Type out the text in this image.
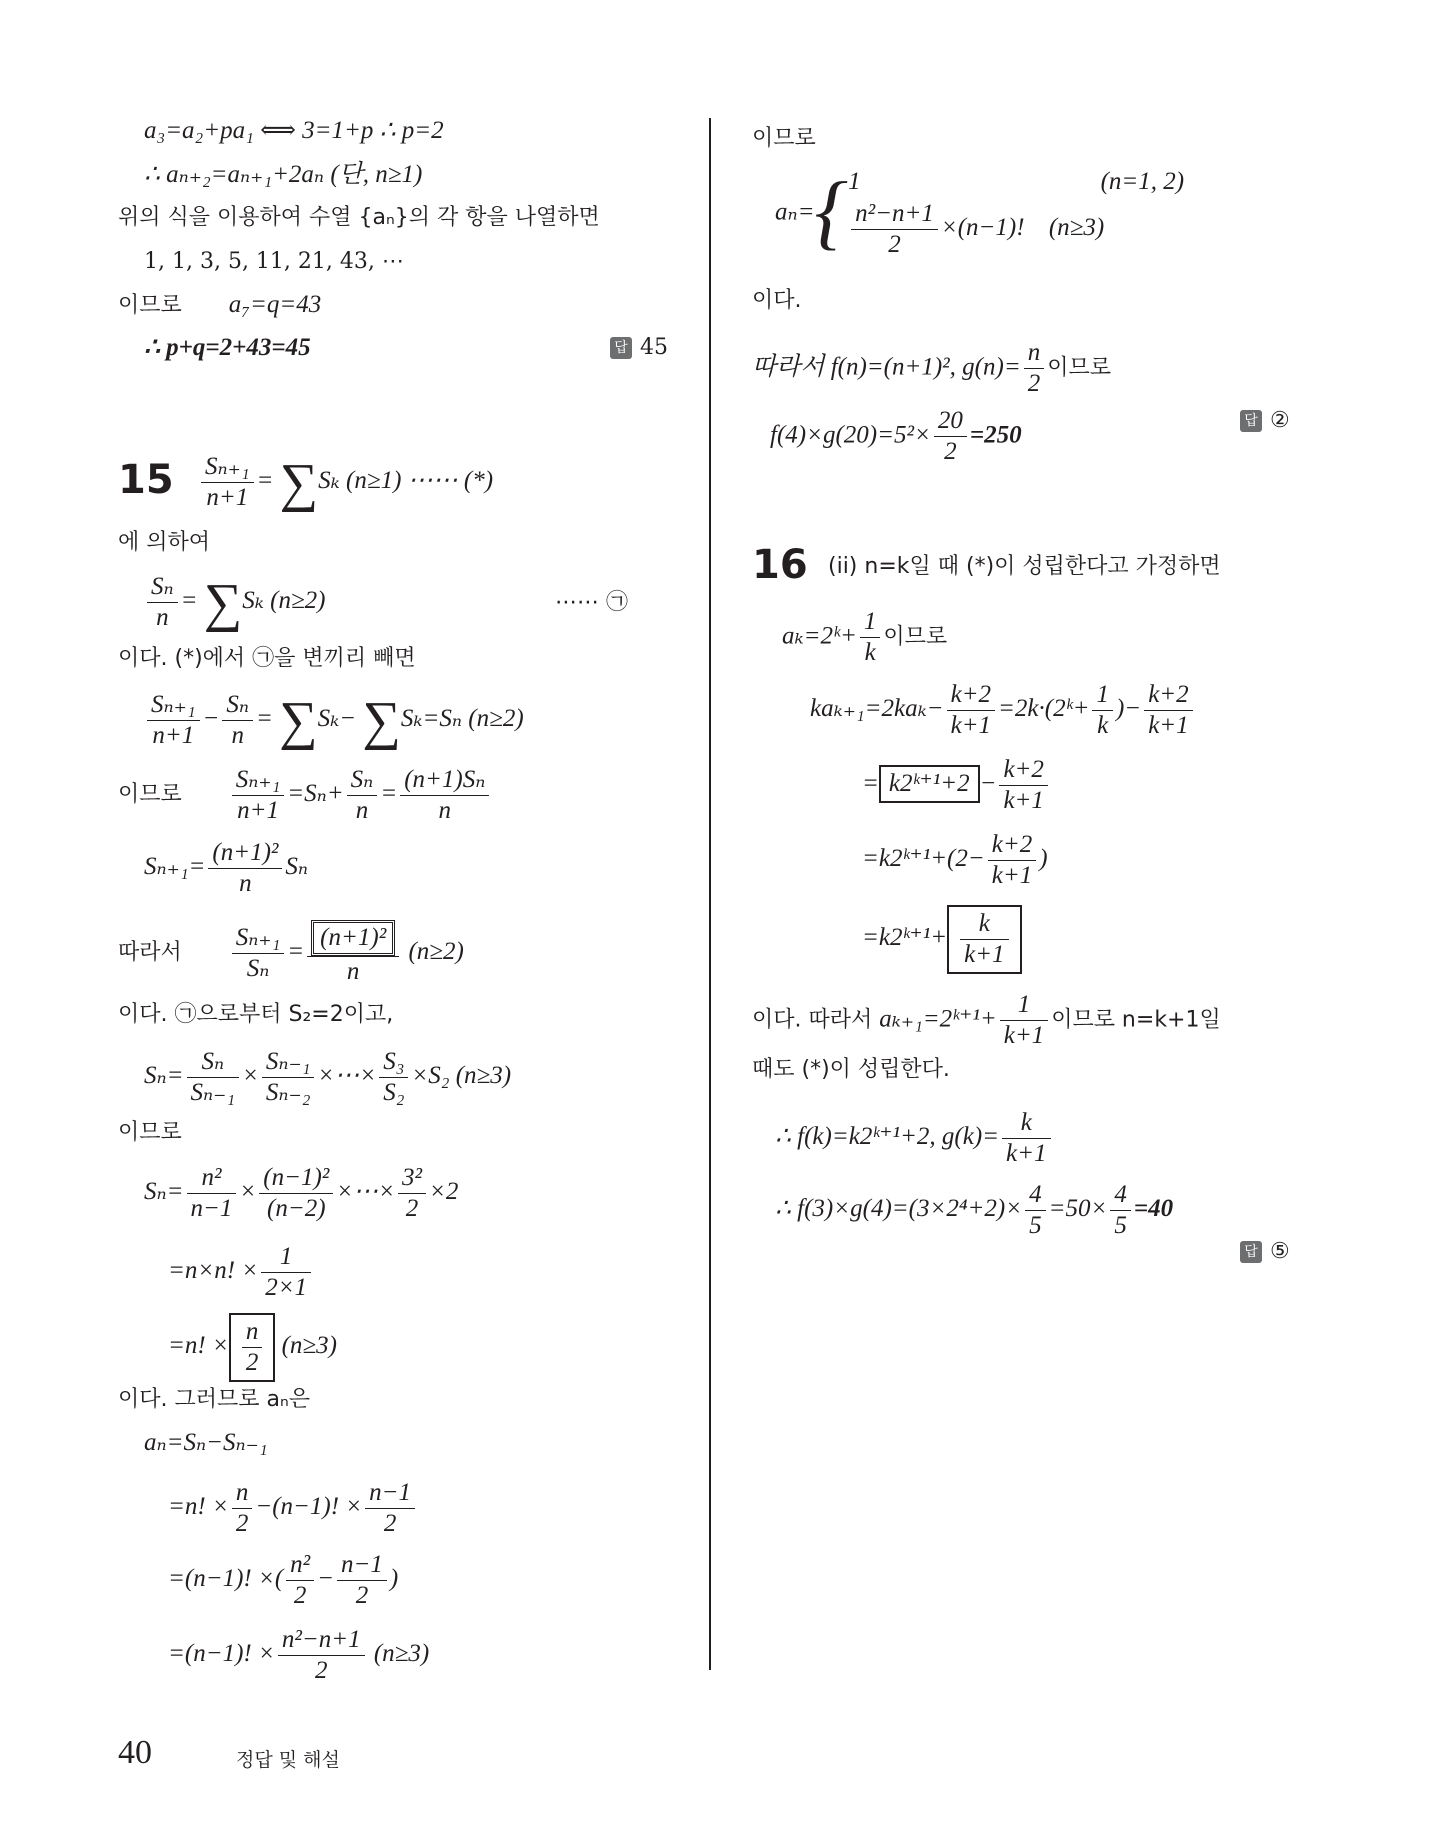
a₃=a₂+pa₁ ⟺ 3=1+p ∴ p=2
∴ aₙ₊₂=aₙ₊₁+2aₙ (단, n≥1)
위의 식을 이용하여 수열 {aₙ}의 각 항을 나열하면
1, 1, 3, 5, 11, 21, 43, ⋯
이므로 a₇=q=43
∴ p+q=2+43=45	답 45
$15 \frac{\text{Sₙ₊₁}}{n+1} = \sum S_k$ (n≥1) ⋯⋯ (*)
에 의하여
$\frac{\text{Sₙ}}{n} = \sum S_k$ (n≥2)	⋯⋯ ㉠
이다. (*)에서 ㉠을 변끼리 빼면
$\frac{\text{Sₙ₊₁}}{n+1} - \frac{\text{Sₙ}}{n} = \sum S_k- \sum S_k=S_n$ (n≥2)
이므로 $\frac{\text{Sₙ₊₁}}{n+1} =S_n+ \frac{\text{Sₙ}}{n} = \frac{\text{(n+1)Sₙ}}{n}$
$S_{n+1}= \frac{\text{(n+1)²}}{n}$ Sₙ
따라서 $\frac{\text{Sₙ₊₁}}{\text{Sₙ}} = \frac{\text{(n+1)²}}{n} (n\ge 2)$
이다. ㉠으로부터 S₂=2이고,
$S_n= \frac{\text{Sₙ}}{\text{Sₙ₋₁}} \times \frac{\text{Sₙ₋₁}}{\text{Sₙ₋₂}}$ ×⋯× $\frac{\text{S₃}}{\text{S₂}} \times S_2$ (n≥3)
이므로
$S_n= \frac{\text{n²}}{n-1} \times \frac{\text{(n−1)²}}{(n-2)}$ ×⋯× $\frac{\text{3²}}{2} \times 2$
=n×n! × $\frac{1}{2\times 1}$
=n! × $\frac{n}{2} (n\ge 3)$
이다. 그러므로 aₙ은
aₙ=Sₙ−Sₙ₋₁
=n! × $\frac{n}{2} -(n-1)$! × $\frac{n-1}{2}$
=(n−1)! ×( $\frac{\text{n²}}{2} - \frac{n-1}{2}$ )
=(n−1)! × $\frac{\text{n²−n+1}}{2} (n\ge 3)$
이므로
aₙ={ 1	(n=1, 2)
$\frac{\text{n²−n+1}}{2} \times(n-1)$! (n≥3)
이다.
따라서 f(n)=(n+1)², $g(n)= \frac{n}{2}$ 이므로
$f(4)\times g(20)=5^2\times \frac{20}{2} =250$
답 ②
16 (ii) n=k일 때 (*)이 성립한다고 가정하면
aₖ=2ᵏ+ $\frac{1}{k}$ 이므로
$ka_{k+1}=2ka_k- \frac{k+2}{k+1}$ =2k·(2ᵏ+ $\frac{1}{k}$ )− $\frac{k+2}{k+1}$
= k2ᵏ⁺¹+2 − $\frac{k+2}{k+1}$
=k2ᵏ⁺¹+(2− $\frac{k+2}{k+1}$ )
=k2ᵏ⁺¹+ $\frac{k}{k+1}$
이다. 따라서 aₖ₊₁=2ᵏ⁺¹+ $\frac{1}{k+1}$ 이므로 n=k+1일
때도 (*)이 성립한다.
∴ f(k)=k2ᵏ⁺¹+2, $g(k)= \frac{k}{k+1}$
∴ $f(3)\times g(4)=(3\times 2^4+2)\times \frac{4}{5} =50\times \frac{4}{5} =40$
답 ⑤
40	정답 및 해설
